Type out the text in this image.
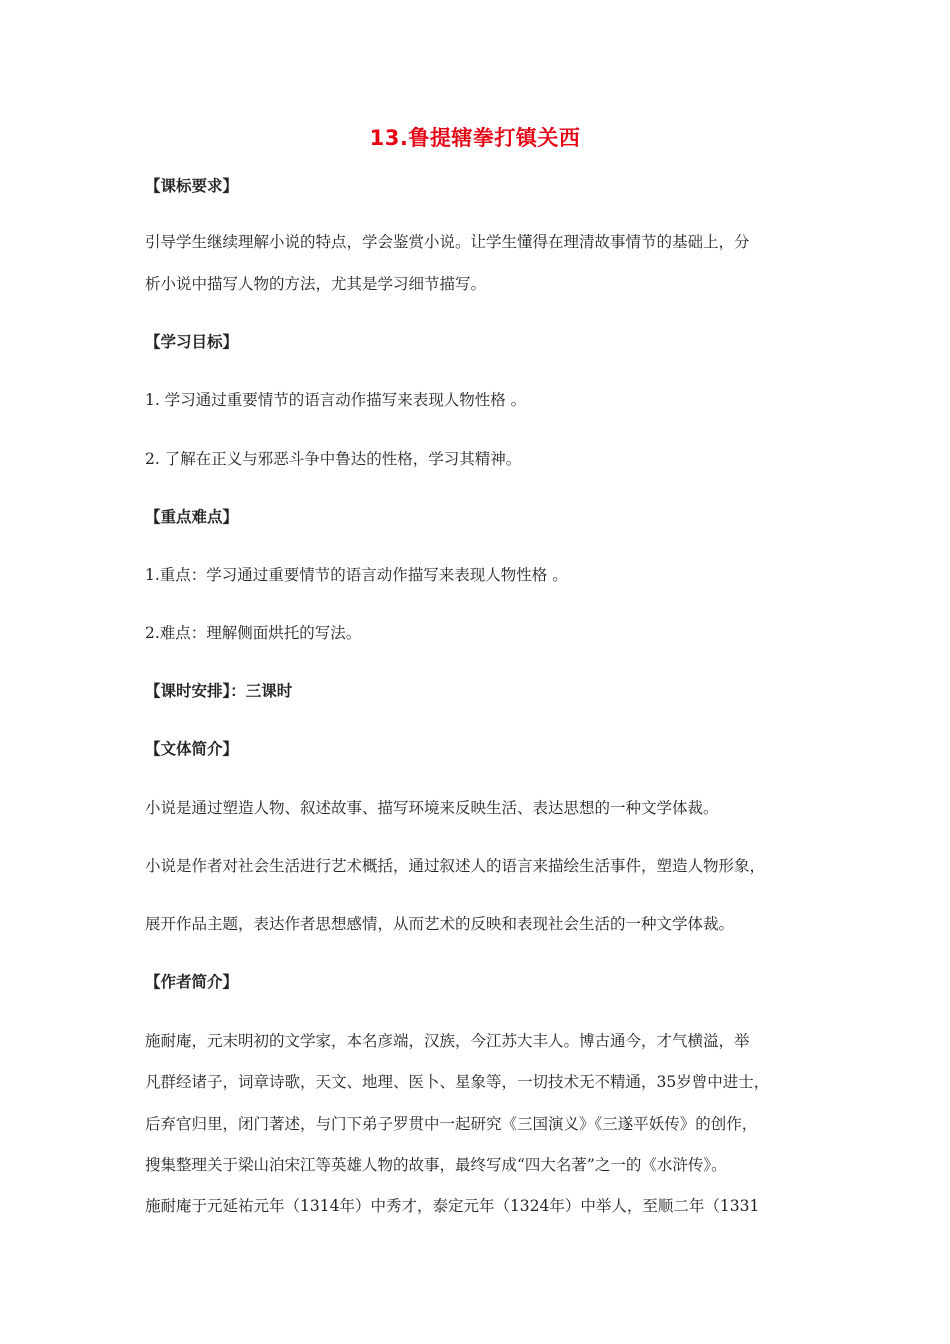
13.鲁提辖拳打镇关西
【课标要求】
引导学生继续理解小说的特点，学会鉴赏小说。让学生懂得在理清故事情节的基础上，分
析小说中描写人物的方法，尤其是学习细节描写。
【学习目标】
1. 学习通过重要情节的语言动作描写来表现人物性格 。
2. 了解在正义与邪恶斗争中鲁达的性格，学习其精神。
【重点难点】
1.重点：学习通过重要情节的语言动作描写来表现人物性格 。
2.难点：理解侧面烘托的写法。
【课时安排】：三课时
【文体简介】
小说是通过塑造人物、叙述故事、描写环境来反映生活、表达思想的一种文学体裁。
小说是作者对社会生活进行艺术概括，通过叙述人的语言来描绘生活事件，塑造人物形象，
展开作品主题，表达作者思想感情，从而艺术的反映和表现社会生活的一种文学体裁。
【作者简介】
施耐庵，元末明初的文学家，本名彦端，汉族，今江苏大丰人。博古通今，才气横溢，举
凡群经诸子，词章诗歌，天文、地理、医卜、星象等，一切技术无不精通，35岁曾中进士，
后弃官归里，闭门著述，与门下弟子罗贯中一起研究《三国演义》《三遂平妖传》的创作，
搜集整理关于梁山泊宋江等英雄人物的故事，最终写成“四大名著”之一的《水浒传》。
施耐庵于元延祐元年（1314年）中秀才，泰定元年（1324年）中举人，至顺二年（1331
